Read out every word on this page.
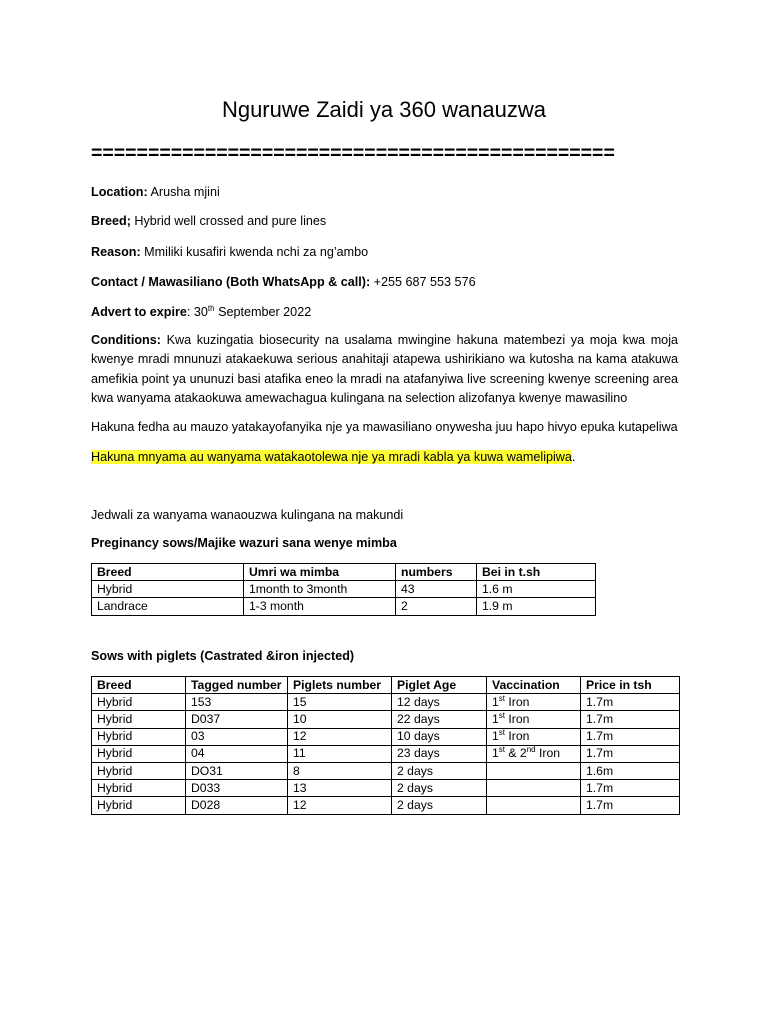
Nguruwe Zaidi ya 360 wanauzwa
==============================================
Location: Arusha mjini
Breed; Hybrid well crossed and pure lines
Reason: Mmiliki kusafiri kwenda nchi za ng’ambo
Contact / Mawasiliano (Both WhatsApp & call): +255 687 553 576
Advert to expire: 30th September 2022
Conditions: Kwa kuzingatia biosecurity na usalama mwingine hakuna matembezi ya moja kwa moja kwenye mradi mnunuzi atakaekuwa serious anahitaji atapewa ushirikiano wa kutosha na kama atakuwa amefikia point ya ununuzi basi atafika eneo la mradi na atafanyiwa live screening kwenye screening area kwa wanyama atakaokuwa amewachagua kulingana na selection alizofanya kwenye mawasilino
Hakuna fedha au mauzo yatakayofanyika nje ya mawasiliano onywesha juu hapo hivyo epuka kutapeliwa
Hakuna mnyama au wanyama watakaotolewa nje ya mradi kabla ya kuwa wamelipiwa.
Jedwali za wanyama wanaouzwa kulingana na makundi
Preginancy sows/Majike wazuri sana wenye mimba
Breed	Umri wa mimba	numbers	Bei in t.sh
Hybrid	1month to 3month	43	1.6 m
Landrace	1-3 month	2	1.9 m
Sows with piglets (Castrated &iron injected)
Breed	Tagged number	Piglets number	Piglet Age	Vaccination	Price in tsh
Hybrid	153	15	12 days	1st Iron	1.7m
Hybrid	D037	10	22 days	1st Iron	1.7m
Hybrid	03	12	10 days	1st Iron	1.7m
Hybrid	04	11	23 days	1st & 2nd Iron	1.7m
Hybrid	DO31	8	2 days		1.6m
Hybrid	D033	13	2 days		1.7m
Hybrid	D028	12	2 days		1.7m
